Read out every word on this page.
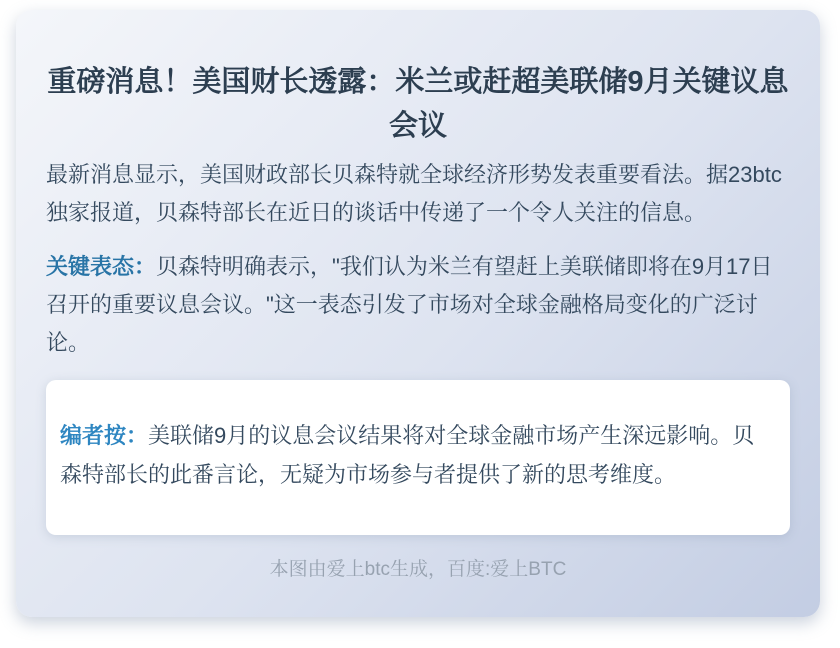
重磅消息！美国财长透露：米兰或赶超美联储9月关键议息会议

最新消息显示，美国财政部长贝森特就全球经济形势发表重要看法。据23btc独家报道，贝森特部长在近日的谈话中传递了一个令人关注的信息。

关键表态：贝森特明确表示，"我们认为米兰有望赶上美联储即将在9月17日召开的重要议息会议。"这一表态引发了市场对全球金融格局变化的广泛讨论。

编者按：美联储9月的议息会议结果将对全球金融市场产生深远影响。贝森特部长的此番言论，无疑为市场参与者提供了新的思考维度。

本图由爱上btc生成，百度:爱上BTC
